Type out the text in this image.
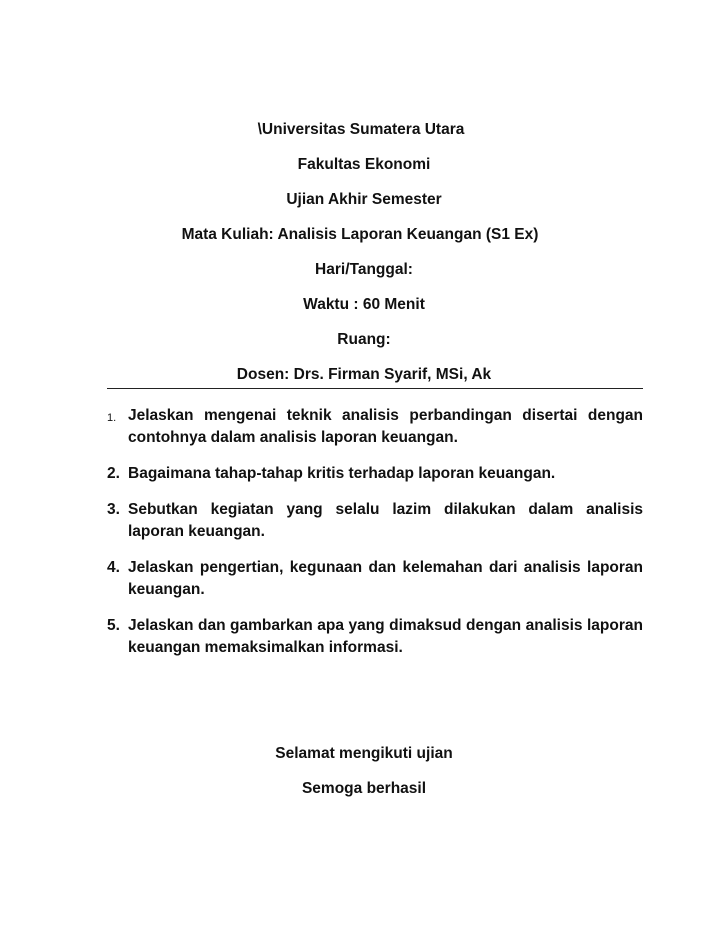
\Universitas Sumatera Utara
Fakultas Ekonomi
Ujian Akhir Semester
Mata Kuliah: Analisis Laporan Keuangan (S1 Ex)
Hari/Tanggal:
Waktu : 60 Menit
Ruang:
Dosen: Drs. Firman Syarif, MSi, Ak
1. Jelaskan mengenai teknik analisis perbandingan disertai dengan contohnya dalam analisis laporan keuangan.
2. Bagaimana tahap-tahap kritis terhadap laporan keuangan.
3. Sebutkan kegiatan yang selalu lazim dilakukan dalam analisis laporan keuangan.
4. Jelaskan pengertian, kegunaan dan kelemahan dari analisis laporan keuangan.
5. Jelaskan dan gambarkan apa yang dimaksud dengan analisis laporan keuangan memaksimalkan informasi.
Selamat mengikuti ujian
Semoga berhasil
